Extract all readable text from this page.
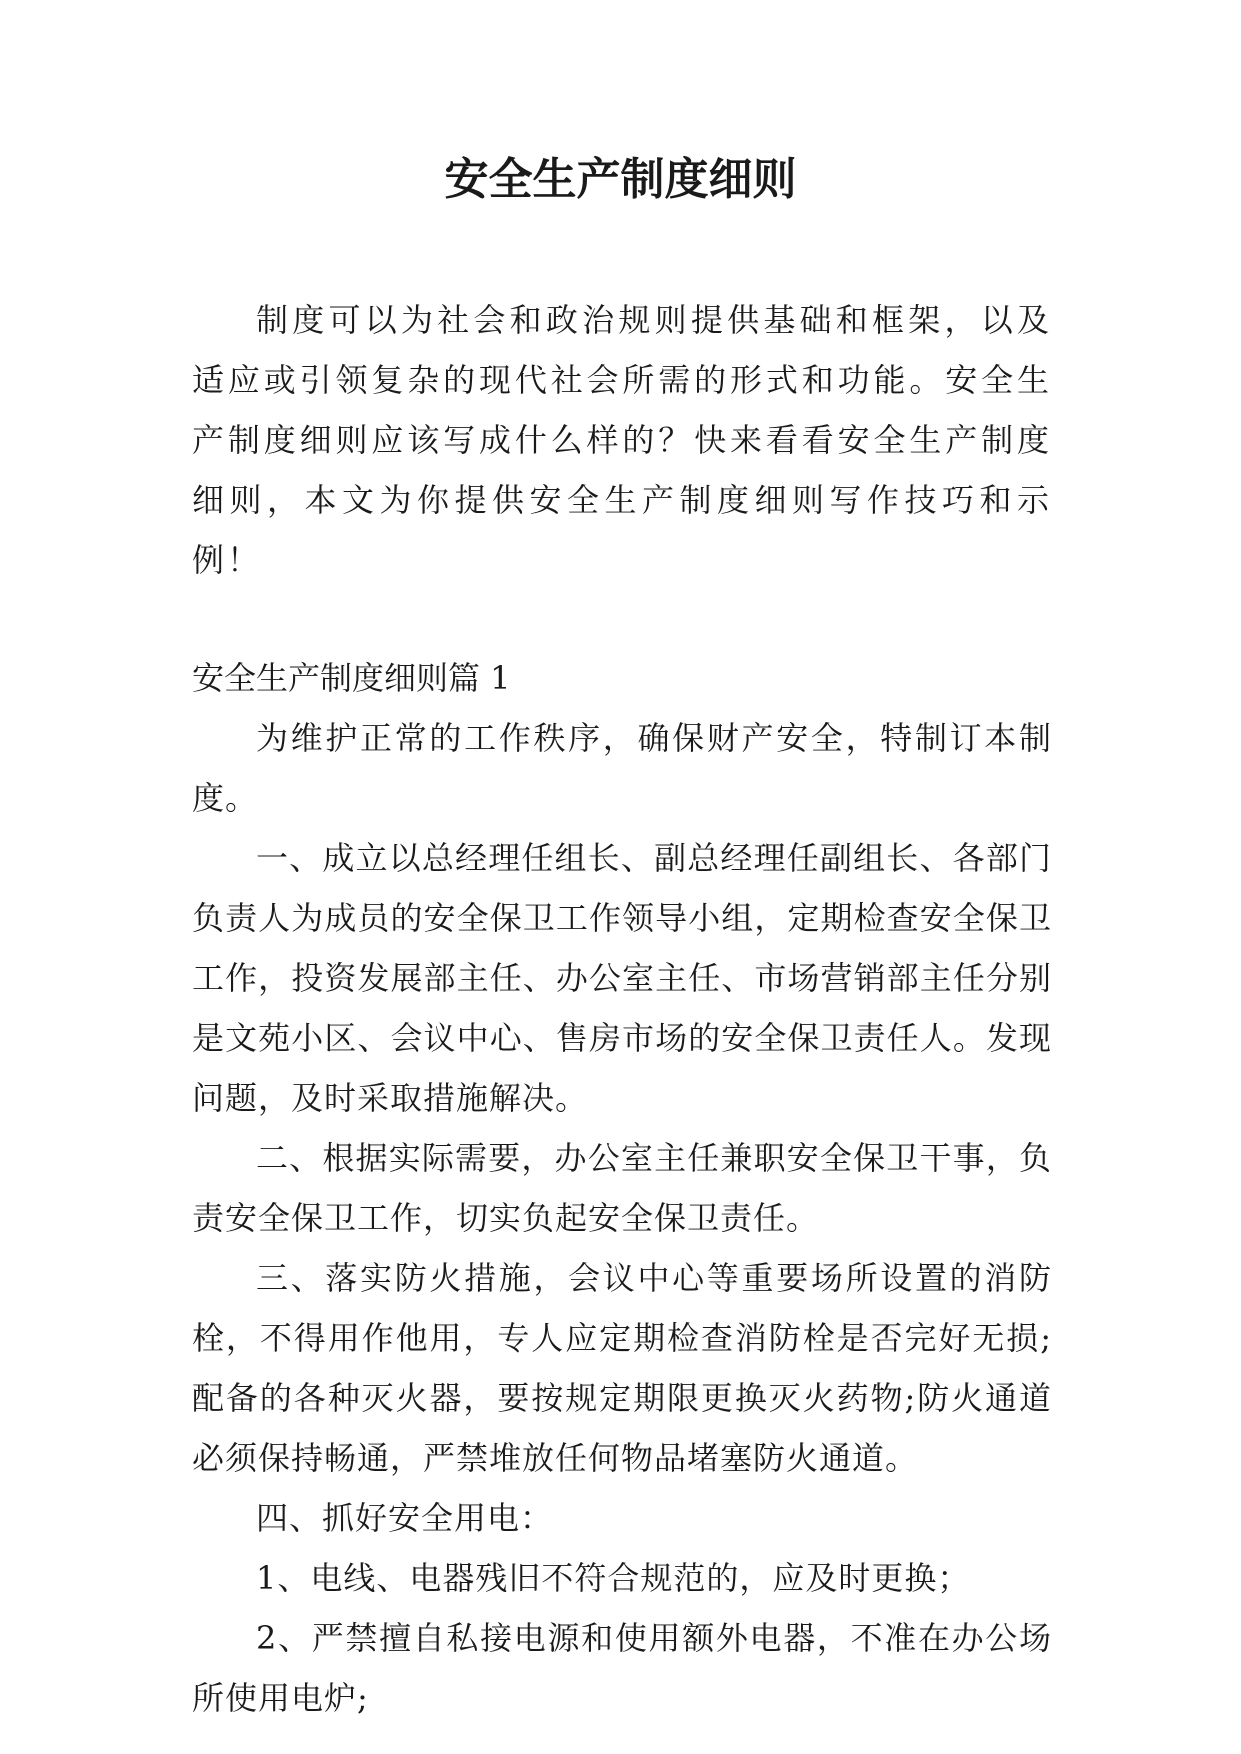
安全生产制度细则

制度可以为社会和政治规则提供基础和框架，以及适应或引领复杂的现代社会所需的形式和功能。安全生产制度细则应该写成什么样的？快来看看安全生产制度细则，本文为你提供安全生产制度细则写作技巧和示例！

安全生产制度细则篇 1

为维护正常的工作秩序，确保财产安全，特制订本制度。

一、成立以总经理任组长、副总经理任副组长、各部门负责人为成员的安全保卫工作领导小组，定期检查安全保卫工作，投资发展部主任、办公室主任、市场营销部主任分别是文苑小区、会议中心、售房市场的安全保卫责任人。发现问题，及时采取措施解决。

二、根据实际需要，办公室主任兼职安全保卫干事，负责安全保卫工作，切实负起安全保卫责任。

三、落实防火措施，会议中心等重要场所设置的消防栓，不得用作他用，专人应定期检查消防栓是否完好无损;配备的各种灭火器，要按规定期限更换灭火药物;防火通道必须保持畅通，严禁堆放任何物品堵塞防火通道。

四、抓好安全用电：

1、电线、电器残旧不符合规范的，应及时更换；

2、严禁擅自私接电源和使用额外电器，不准在办公场所使用电炉;
